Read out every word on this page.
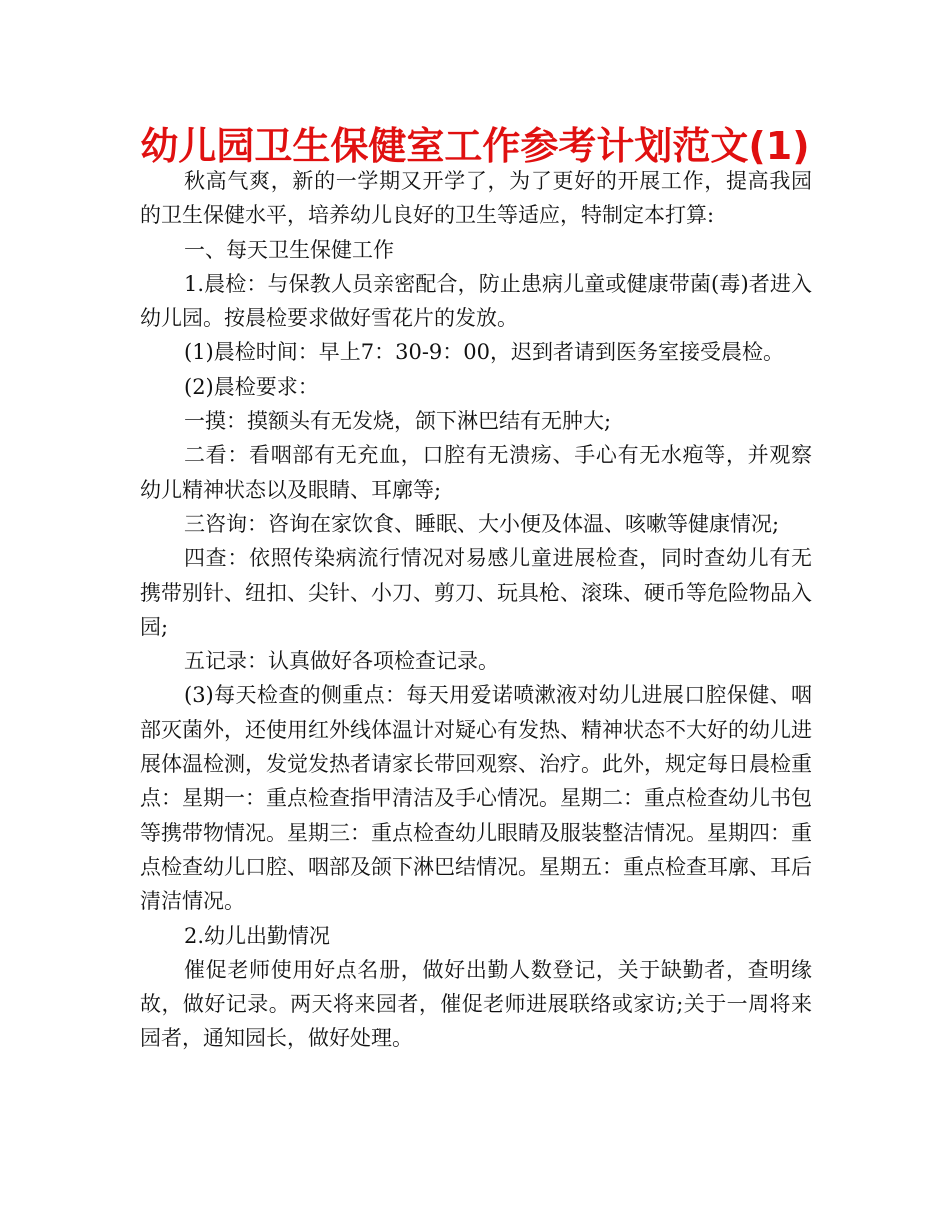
幼儿园卫生保健室工作参考计划范文(1)

秋高气爽，新的一学期又开学了，为了更好的开展工作，提高我园的卫生保健水平，培养幼儿良好的卫生等适应，特制定本打算:

一、每天卫生保健工作

1.晨检：与保教人员亲密配合，防止患病儿童或健康带菌(毒)者进入幼儿园。按晨检要求做好雪花片的发放。

(1)晨检时间：早上7：30-9：00，迟到者请到医务室接受晨检。

(2)晨检要求：

一摸：摸额头有无发烧，颌下淋巴结有无肿大;

二看：看咽部有无充血，口腔有无溃疡、手心有无水疱等，并观察幼儿精神状态以及眼睛、耳廓等;

三咨询：咨询在家饮食、睡眠、大小便及体温、咳嗽等健康情况;

四查：依照传染病流行情况对易感儿童进展检查，同时查幼儿有无携带别针、纽扣、尖针、小刀、剪刀、玩具枪、滚珠、硬币等危险物品入园;

五记录：认真做好各项检查记录。

(3)每天检查的侧重点：每天用爱诺喷漱液对幼儿进展口腔保健、咽部灭菌外，还使用红外线体温计对疑心有发热、精神状态不大好的幼儿进展体温检测，发觉发热者请家长带回观察、治疗。此外，规定每日晨检重点：星期一：重点检查指甲清洁及手心情况。星期二：重点检查幼儿书包等携带物情况。星期三：重点检查幼儿眼睛及服装整洁情况。星期四：重点检查幼儿口腔、咽部及颌下淋巴结情况。星期五：重点检查耳廓、耳后清洁情况。

2.幼儿出勤情况

催促老师使用好点名册，做好出勤人数登记，关于缺勤者，查明缘故，做好记录。两天将来园者，催促老师进展联络或家访;关于一周将来园者，通知园长，做好处理。
